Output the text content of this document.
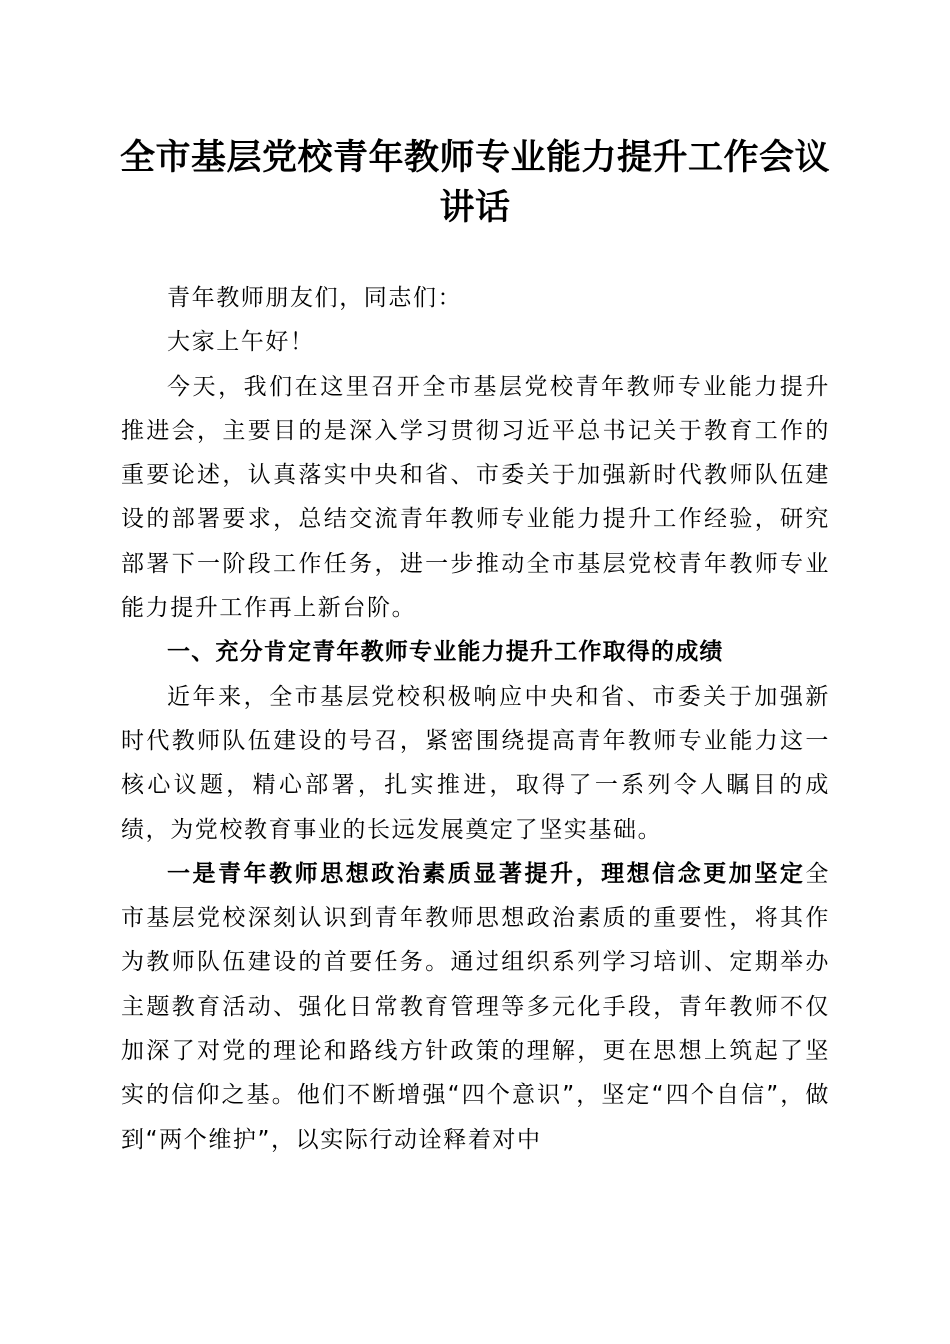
全市基层党校青年教师专业能力提升工作会议
讲话

青年教师朋友们，同志们：

大家上午好！

今天，我们在这里召开全市基层党校青年教师专业能力提升推进会，主要目的是深入学习贯彻习近平总书记关于教育工作的重要论述，认真落实中央和省、市委关于加强新时代教师队伍建设的部署要求，总结交流青年教师专业能力提升工作经验，研究部署下一阶段工作任务，进一步推动全市基层党校青年教师专业能力提升工作再上新台阶。

一、充分肯定青年教师专业能力提升工作取得的成绩

近年来，全市基层党校积极响应中央和省、市委关于加强新时代教师队伍建设的号召，紧密围绕提高青年教师专业能力这一核心议题，精心部署，扎实推进，取得了一系列令人瞩目的成绩，为党校教育事业的长远发展奠定了坚实基础。

一是青年教师思想政治素质显著提升，理想信念更加坚定全市基层党校深刻认识到青年教师思想政治素质的重要性，将其作为教师队伍建设的首要任务。通过组织系列学习培训、定期举办主题教育活动、强化日常教育管理等多元化手段，青年教师不仅加深了对党的理论和路线方针政策的理解，更在思想上筑起了坚实的信仰之基。他们不断增强“四个意识”，坚定“四个自信”，做到“两个维护”，以实际行动诠释着对中
